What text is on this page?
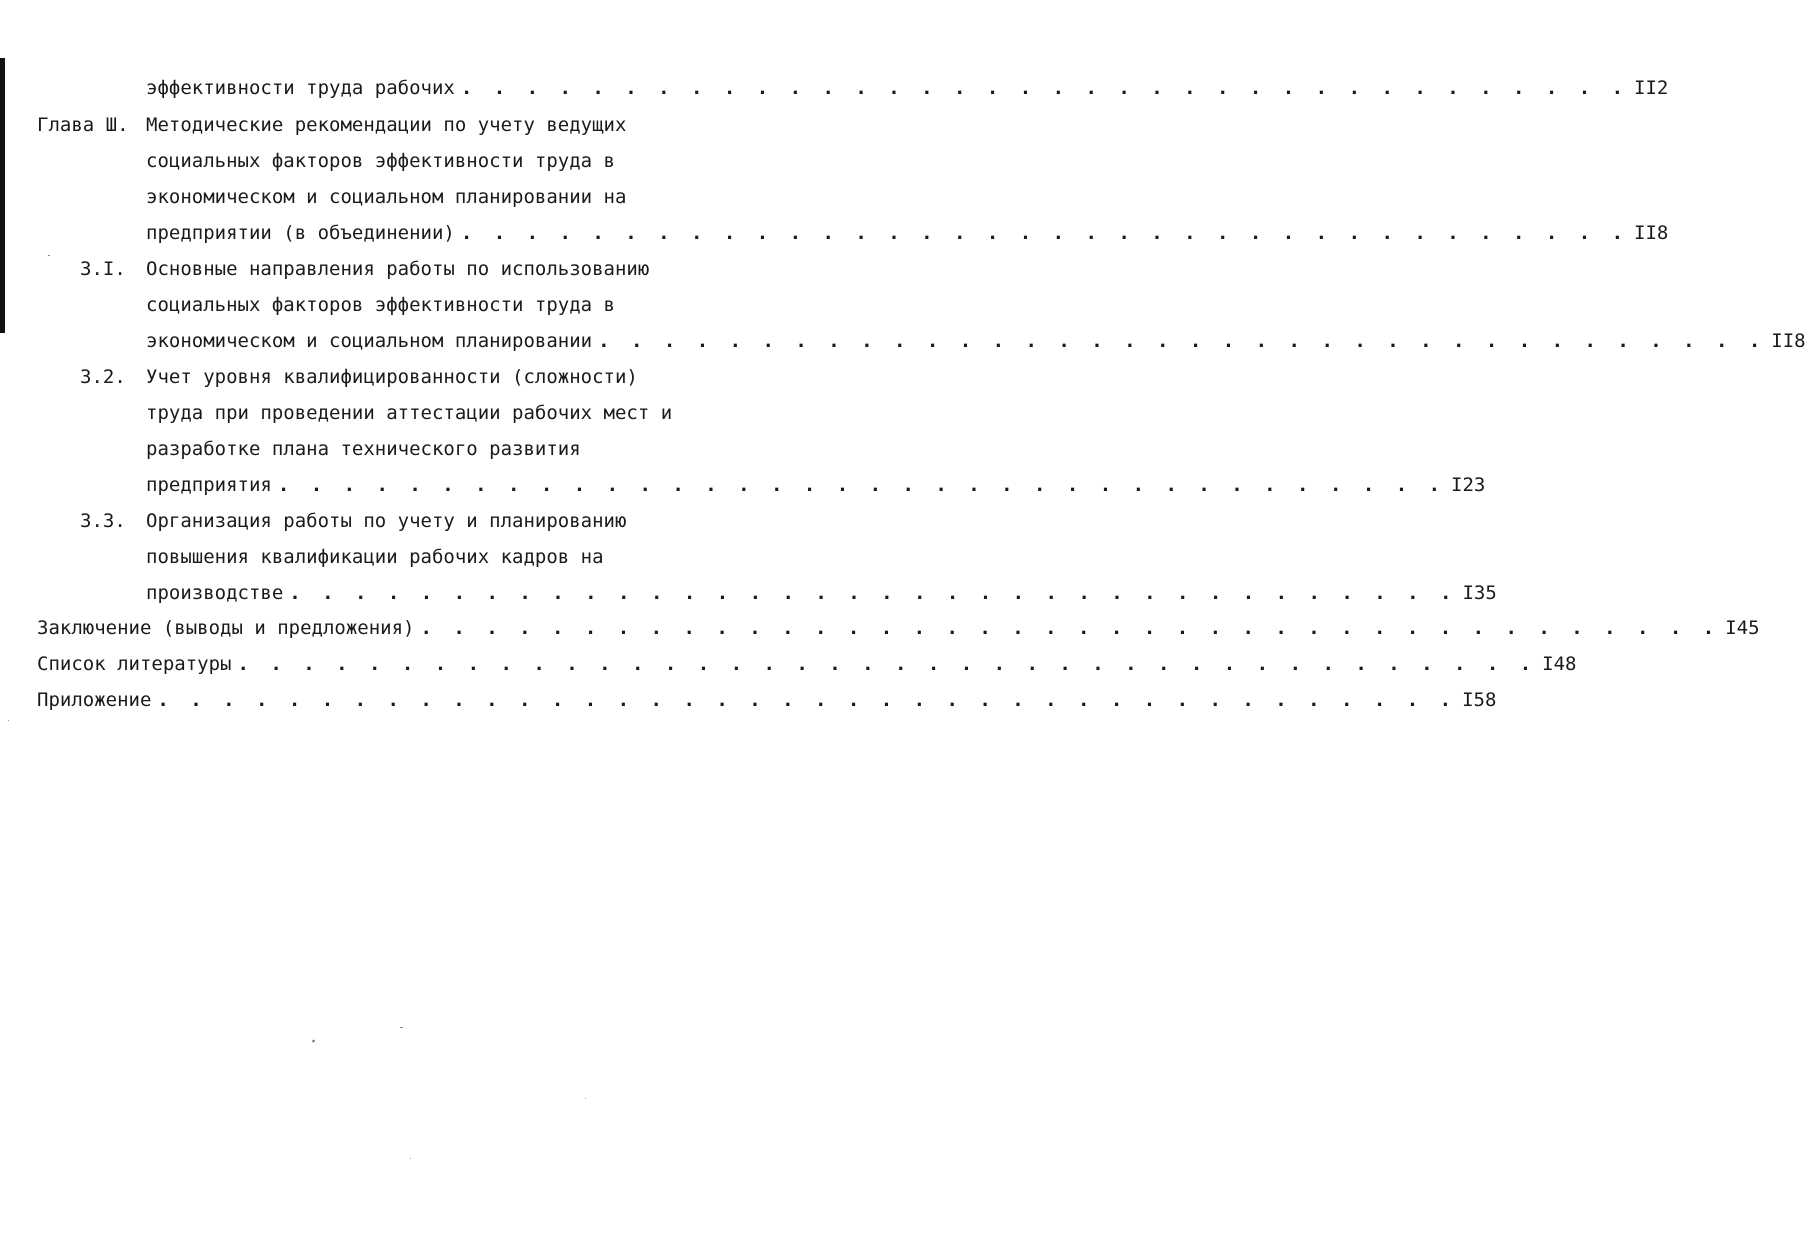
эффективности труда рабочих . . . . . . . . . . . . . . . . . . . . . . . . . . . . . . . . . . . . II2
Глава Ш. Методические рекомендации по учету ведущих
социальных факторов эффективности труда в
экономическом и социальном планировании на
предприятии (в объединении) . . . . . . . . . . . . . . . . . . . . . . . . . . . . . . . . . . . . II8
3.I. Основные направления работы по использованию
социальных факторов эффективности труда в
экономическом и социальном планировании . . . . . . . . . . . . . . . . . . . . . . . . . . . . . . . . . . . . II8
3.2. Учет уровня квалифицированности (сложности)
труда при проведении аттестации рабочих мест и
разработке плана технического развития
предприятия . . . . . . . . . . . . . . . . . . . . . . . . . . . . . . . . . . . . I23
3.3. Организация работы по учету и планированию
повышения квалификации рабочих кадров на
производстве . . . . . . . . . . . . . . . . . . . . . . . . . . . . . . . . . . . . I35
Заключение (выводы и предложения) . . . . . . . . . . . . . . . . . . . . . . . . . . . . . . . . . . . . . . . . I45
Список литературы . . . . . . . . . . . . . . . . . . . . . . . . . . . . . . . . . . . . . . . . I48
Приложение . . . . . . . . . . . . . . . . . . . . . . . . . . . . . . . . . . . . . . . . I58
